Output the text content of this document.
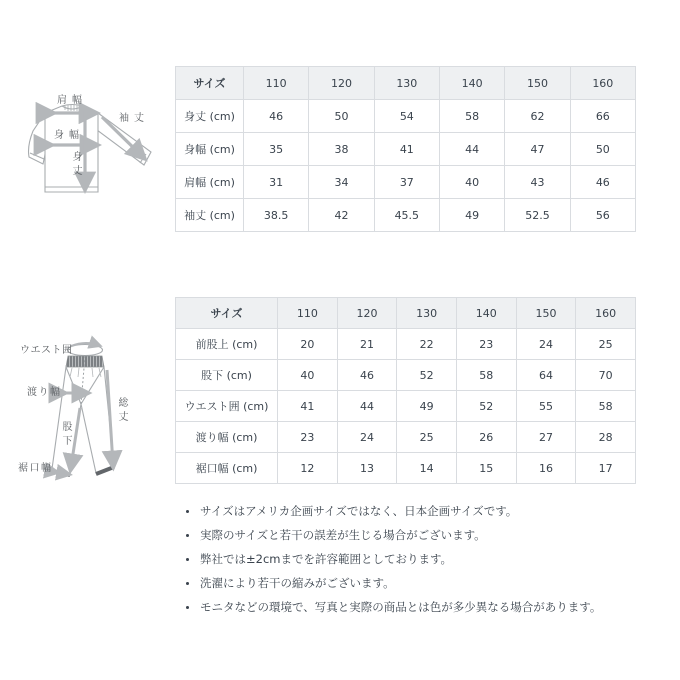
肩幅
袖丈
身幅
身丈
サイズ	110	120	130	140	150	160
身丈 (cm)	46	50	54	58	62	66
身幅 (cm)	35	38	41	44	47	50
肩幅 (cm)	31	34	37	40	43	46
袖丈 (cm)	38.5	42	45.5	49	52.5	56
ウエスト囲
渡り幅
股下
総丈
裾口幅
サイズ	110	120	130	140	150	160
前股上 (cm)	20	21	22	23	24	25
股下 (cm)	40	46	52	58	64	70
ウエスト囲 (cm)	41	44	49	52	55	58
渡り幅 (cm)	23	24	25	26	27	28
裾口幅 (cm)	12	13	14	15	16	17
サイズはアメリカ企画サイズではなく、日本企画サイズです。
実際のサイズと若干の誤差が生じる場合がございます。
弊社では±2cmまでを許容範囲としております。
洗濯により若干の縮みがございます。
モニタなどの環境で、写真と実際の商品とは色が多少異なる場合があります。
